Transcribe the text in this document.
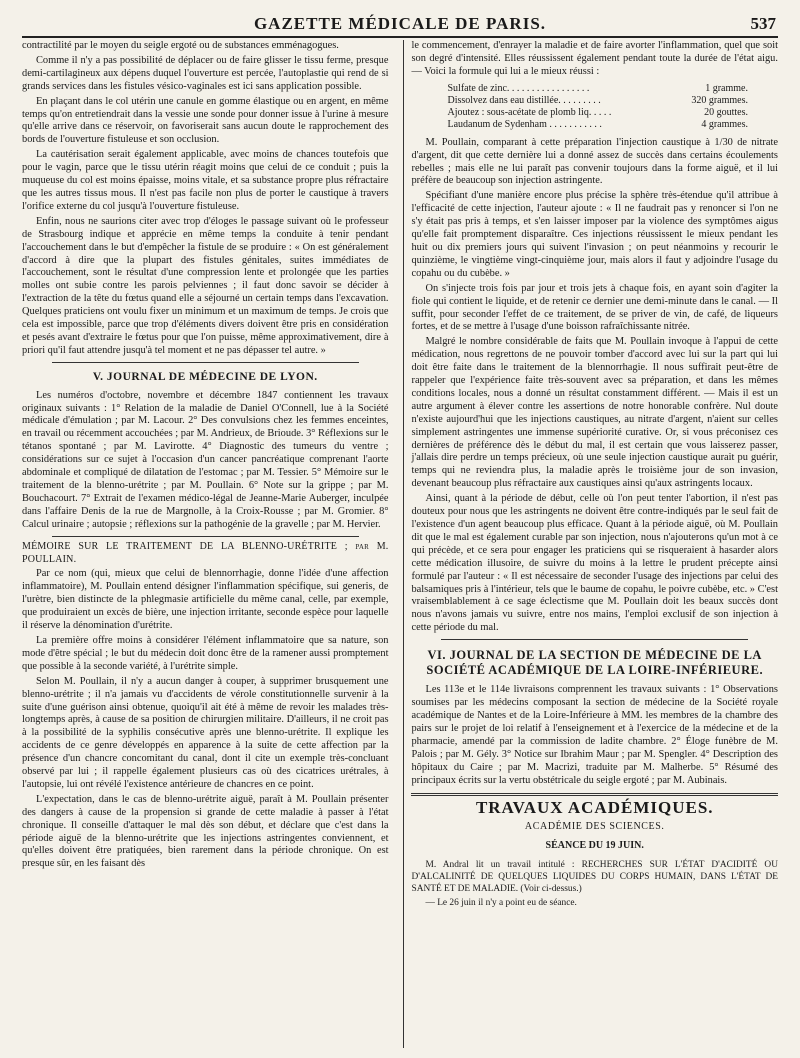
GAZETTE MÉDICALE DE PARIS.	537

contractilité par le moyen du seigle ergoté ou de substances emménagogues.

Comme il n'y a pas possibilité de déplacer ou de faire glisser le tissu ferme, presque demi-cartilagineux aux dépens duquel l'ouverture est percée, l'autoplastie qui rend de si grands services dans les fistules vésico-vaginales est ici sans application possible.

En plaçant dans le col utérin une canule en gomme élastique ou en argent, en même temps qu'on entretiendrait dans la vessie une sonde pour donner issue à l'urine à mesure qu'elle arrive dans ce réservoir, on favoriserait sans aucun doute le rapprochement des bords de l'ouverture fistuleuse et son occlusion.

La cautérisation serait également applicable, avec moins de chances toutefois que pour le vagin, parce que le tissu utérin réagit moins que celui de ce conduit ; puis la muqueuse du col est moins épaisse, moins vitale, et sa substance propre plus réfractaire que les autres tissus mous. Il n'est pas facile non plus de porter le caustique à travers l'orifice externe du col jusqu'à l'ouverture fistuleuse.

Enfin, nous ne saurions citer avec trop d'éloges le passage suivant où le professeur de Strasbourg indique et apprécie en même temps la conduite à tenir pendant l'accouchement dans le but d'empêcher la fistule de se produire : « On est généralement d'accord à dire que la plupart des fistules génitales, suites immédiates de l'accouchement, sont le résultat d'une compression lente et prolongée que les parties molles ont subie contre les parois pelviennes ; il faut donc savoir se décider à l'extraction de la tête du fœtus quand elle a séjourné un certain temps dans l'excavation. Quelques praticiens ont voulu fixer un minimum et un maximum de temps. Je crois que cela est impossible, parce que trop d'éléments divers doivent être pris en considération et pesés avant d'extraire le fœtus pour que l'on puisse, même approximativement, dire à priori qu'il faut attendre jusqu'à tel moment et ne pas dépasser tel autre. »

V. JOURNAL DE MÉDECINE DE LYON.

Les numéros d'octobre, novembre et décembre 1847 contiennent les travaux originaux suivants : 1° Relation de la maladie de Daniel O'Connell, lue à la Société médicale d'émulation ; par M. Lacour. 2° Des convulsions chez les femmes enceintes, en travail ou récemment accouchées ; par M. Andrieux, de Brioude. 3° Réflexions sur le tétanos spontané ; par M. Lavirotte. 4° Diagnostic des tumeurs du ventre ; considérations sur ce sujet à l'occasion d'un cancer pancréatique comprenant l'aorte abdominale et compliqué de dilatation de l'estomac ; par M. Tessier. 5° Mémoire sur le traitement de la blenno-urétrite ; par M. Poullain. 6° Note sur la grippe ; par M. Bouchacourt. 7° Extrait de l'examen médico-légal de Jeanne-Marie Auberger, inculpée dans l'affaire Denis de la rue de Margnolle, à la Croix-Rousse ; par M. Gromier. 8° Calcul urinaire ; autopsie ; réflexions sur la pathogénie de la gravelle ; par M. Hervier.

MÉMOIRE SUR LE TRAITEMENT DE LA BLENNO-URÉTRITE ; par M. POULLAIN.

Par ce nom (qui, mieux que celui de blennorrhagie, donne l'idée d'une affection inflammatoire), M. Poullain entend désigner l'inflammation spécifique, sui generis, de l'urètre, bien distincte de la phlegmasie artificielle du même canal, celle, par exemple, que produiraient un excès de bière, une injection irritante, seconde espèce pour laquelle il réserve la dénomination d'urétrite.

La première offre moins à considérer l'élément inflammatoire que sa nature, son mode d'être spécial ; le but du médecin doit donc être de la ramener aussi promptement que possible à la seconde variété, à l'urétrite simple.

Selon M. Poullain, il n'y a aucun danger à couper, à supprimer brusquement une blenno-urétrite ; il n'a jamais vu d'accidents de vérole constitutionnelle survenir à la suite d'une guérison ainsi obtenue, quoiqu'il ait été à même de revoir les malades très-longtemps après, à cause de sa position de chirurgien militaire. D'ailleurs, il ne croit pas à la possibilité de la syphilis consécutive après une blenno-urétrite. Il explique les accidents de ce genre développés en apparence à la suite de cette affection par la présence d'un chancre concomitant du canal, dont il cite un exemple très-concluant observé par lui ; il rappelle également plusieurs cas où des cicatrices urétrales, à l'autopsie, lui ont révélé l'existence antérieure de chancres en ce point.

L'expectation, dans le cas de blenno-urétrite aiguë, paraît à M. Poullain présenter des dangers à cause de la propension si grande de cette maladie à passer à l'état chronique. Il conseille d'attaquer le mal dès son début, et déclare que c'est dans la période aiguë de la blenno-urétrite que les injections astringentes conviennent, et qu'elles doivent être pratiquées, bien rarement dans la période chronique. On est presque sûr, en les faisant dès

le commencement, d'enrayer la maladie et de faire avorter l'inflammation, quel que soit son degré d'intensité. Elles réussissent également pendant toute la durée de l'état aigu. — Voici la formule qui lui a le mieux réussi :

Sulfate de zinc. . . . . . . . . . . . . . . . .	1 gramme.
Dissolvez dans eau distillée. . . . . . . . .	320 grammes.
Ajoutez : sous-acétate de plomb liq. . . . .	20 gouttes.
Laudanum de Sydenham . . . . . . . . . . .	4 grammes.

M. Poullain, comparant à cette préparation l'injection caustique à 1/30 de nitrate d'argent, dit que cette dernière lui a donné assez de succès dans certains écoulements rebelles ; mais elle ne lui paraît pas convenir toujours dans la forme aiguë, et il lui préfère de beaucoup son injection astringente.

Spécifiant d'une manière encore plus précise la sphère très-étendue qu'il attribue à l'efficacité de cette injection, l'auteur ajoute : « Il ne faudrait pas y renoncer si l'on ne s'y était pas pris à temps, et s'en laisser imposer par la violence des symptômes aigus qu'elle fait promptement disparaître. Ces injections réussissent le mieux pendant les huit ou dix premiers jours qui suivent l'invasion ; on peut néanmoins y recourir le quinzième, le vingtième vingt-cinquième jour, mais alors il faut y adjoindre l'usage du copahu ou du cubèbe. »

On s'injecte trois fois par jour et trois jets à chaque fois, en ayant soin d'agiter la fiole qui contient le liquide, et de retenir ce dernier une demi-minute dans le canal. — Il suffit, pour seconder l'effet de ce traitement, de se priver de vin, de café, de liqueurs fortes, et de se mettre à l'usage d'une boisson rafraîchissante nitrée.

Malgré le nombre considérable de faits que M. Poullain invoque à l'appui de cette médication, nous regrettons de ne pouvoir tomber d'accord avec lui sur la part qui lui doit être faite dans le traitement de la blennorrhagie. Il nous suffirait peut-être de rappeler que l'expérience faite très-souvent avec sa préparation, et dans les mêmes conditions locales, nous a donné un résultat constamment différent. — Mais il est un autre argument à élever contre les assertions de notre honorable confrère. Nul doute n'existe aujourd'hui que les injections caustiques, au nitrate d'argent, n'aient sur celles simplement astringentes une immense supériorité curative. Or, si vous préconisez ces dernières de préférence dès le début du mal, il est certain que vous laisserez passer, j'allais dire perdre un temps précieux, où une seule injection caustique aurait pu guérir, temps qui ne reviendra plus, la maladie après le troisième jour de son invasion, devenant beaucoup plus réfractaire aux caustiques ainsi qu'aux astringents locaux.

Ainsi, quant à la période de début, celle où l'on peut tenter l'abortion, il n'est pas douteux pour nous que les astringents ne doivent être contre-indiqués par le seul fait de l'existence d'un agent beaucoup plus efficace. Quant à la période aiguë, où M. Poullain dit que le mal est également curable par son injection, nous n'ajouterons qu'un mot à ce qui précède, et ce sera pour engager les praticiens qui se risqueraient à hasarder alors cette médication illusoire, de suivre du moins à la lettre le prudent précepte ainsi formulé par l'auteur : « Il est nécessaire de seconder l'usage des injections par celui des balsamiques pris à l'intérieur, tels que le baume de copahu, le poivre cubèbe, etc. » C'est vraisemblablement à ce sage éclectisme que M. Poullain doit les beaux succès dont nous n'avons jamais vu suivre, entre nos mains, l'emploi exclusif de son injection à cette période du mal.

VI. JOURNAL DE LA SECTION DE MÉDECINE DE LA SOCIÉTÉ ACADÉMIQUE DE LA LOIRE-INFÉRIEURE.

Les 113e et le 114e livraisons comprennent les travaux suivants : 1° Observations soumises par les médecins composant la section de médecine de la Société royale académique de Nantes et de la Loire-Inférieure à MM. les membres de la chambre des pairs sur le projet de loi relatif à l'enseignement et à l'exercice de la médecine et de la pharmacie, amendé par la commission de ladite chambre. 2° Éloge funèbre de M. Palois ; par M. Gély. 3° Notice sur Ibrahim Maur ; par M. Spengler. 4° Description des hôpitaux du Caire ; par M. Macrizi, traduite par M. Malherbe. 5° Résumé des principaux écrits sur la vertu obstétricale du seigle ergoté ; par M. Aubinais.

TRAVAUX ACADÉMIQUES.
ACADÉMIE DES SCIENCES.
SÉANCE DU 19 JUIN.

M. Andral lit un travail intitulé : RECHERCHES SUR L'ÉTAT D'ACIDITÉ OU D'ALCALINITÉ DE QUELQUES LIQUIDES DU CORPS HUMAIN, DANS L'ÉTAT DE SANTÉ ET DE MALADIE. (Voir ci-dessus.)

— Le 26 juin il n'y a point eu de séance.
